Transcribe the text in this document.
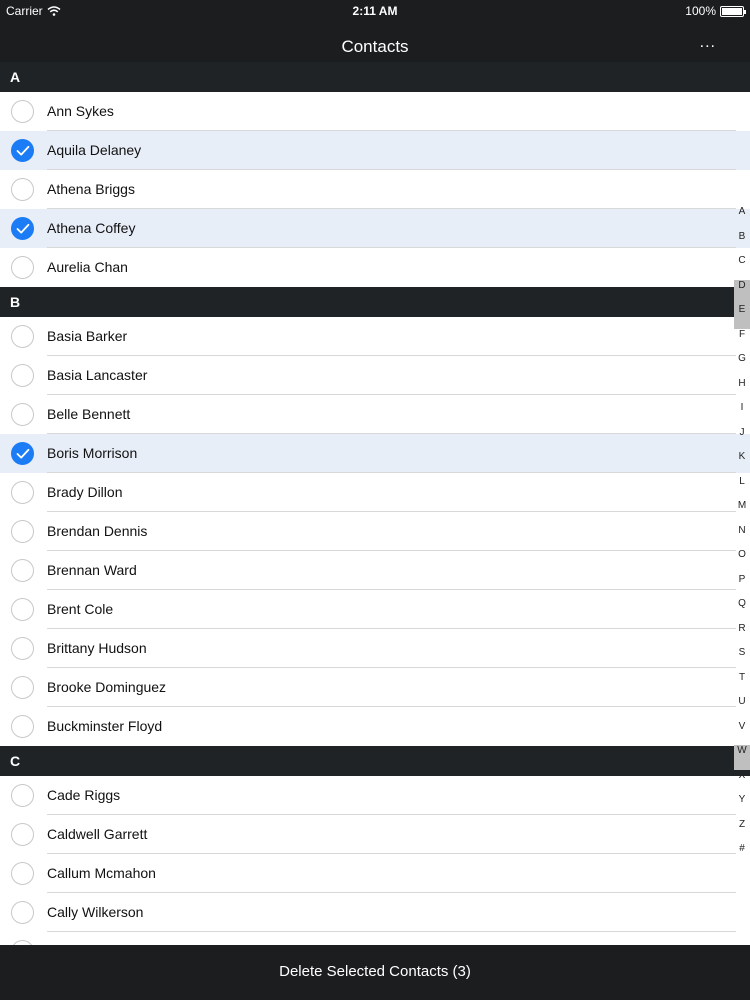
Carrier	2:11 AM	100%
Contacts	...
A
Ann Sykes
Aquila Delaney
Athena Briggs
Athena Coffey
Aurelia Chan
B
Basia Barker
Basia Lancaster
Belle Bennett
Boris Morrison
Brady Dillon
Brendan Dennis
Brennan Ward
Brent Cole
Brittany Hudson
Brooke Dominguez
Buckminster Floyd
C
Cade Riggs
Caldwell Garrett
Callum Mcmahon
Cally Wilkerson
A
B
C
D
E
F
G
H
I
J
K
L
M
N
O
P
Q
R
S
T
U
V
W
X
Y
Z
#
Delete Selected Contacts (3)
